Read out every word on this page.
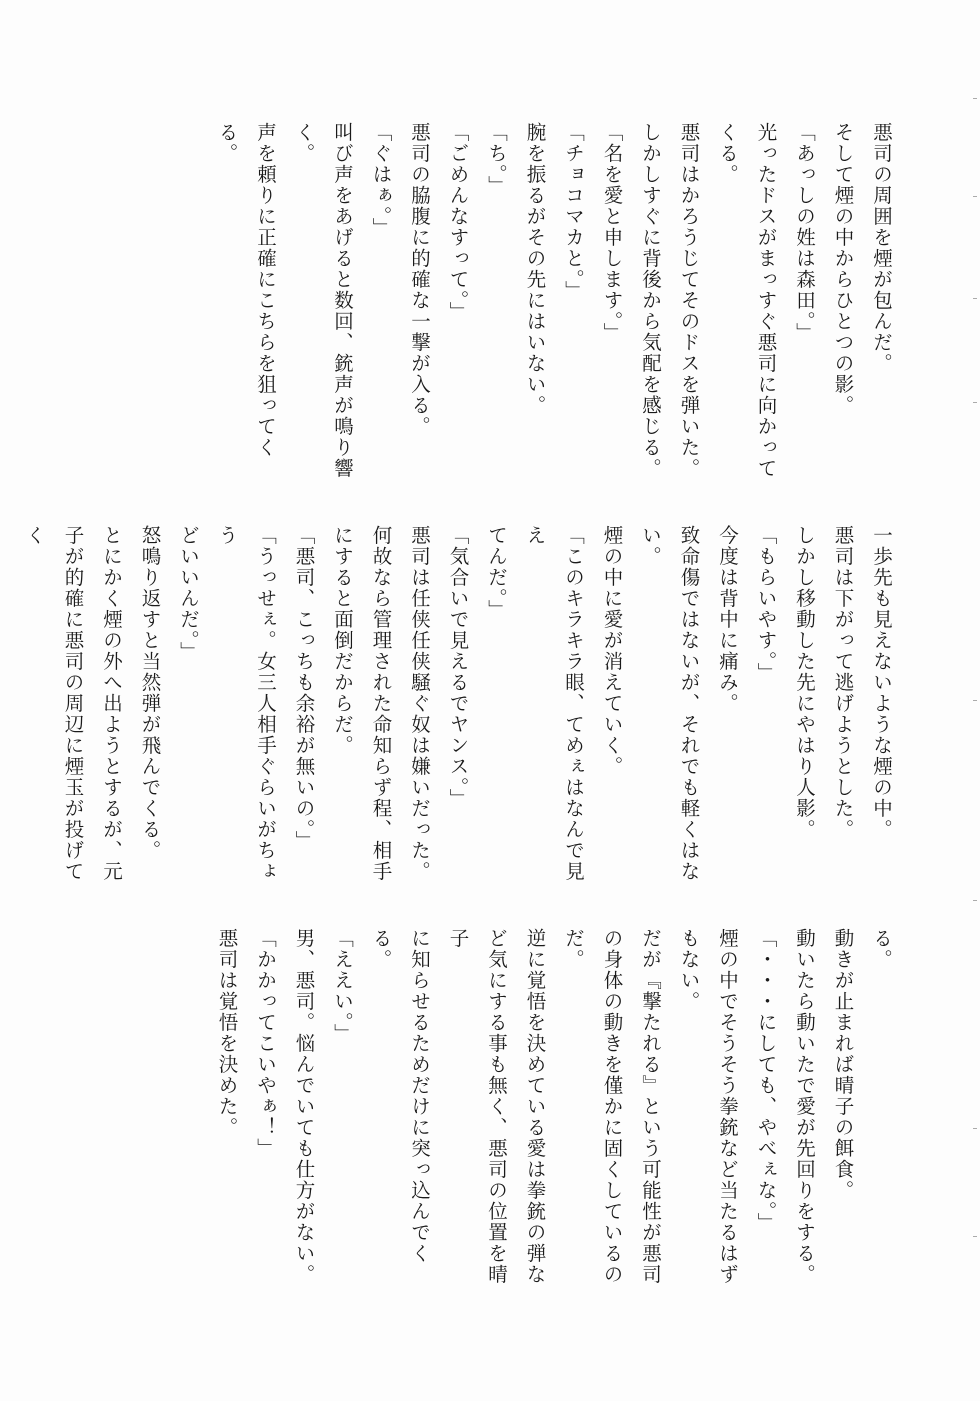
悪司の周囲を煙が包んだ。
そして煙の中からひとつの影。
「あっしの姓は森田。」
光ったドスがまっすぐ悪司に向かって
くる。
悪司はかろうじてそのドスを弾いた。
しかしすぐに背後から気配を感じる。
「名を愛と申します。」
「チョコマカと。」
腕を振るがその先にはいない。
「ち。」
「ごめんなすって。」
悪司の脇腹に的確な一撃が入る。
「ぐはぁ。」
叫び声をあげると数回、銃声が鳴り響
く。
声を頼りに正確にこちらを狙ってく
る。
一歩先も見えないような煙の中。
悪司は下がって逃げようとした。
しかし移動した先にやはり人影。
「もらいやす。」
今度は背中に痛み。
致命傷ではないが、それでも軽くはな
い。
煙の中に愛が消えていく。
「このキラキラ眼、てめぇはなんで見え
てんだ。」
「気合いで見えるでヤンス。」
悪司は任侠任侠騒ぐ奴は嫌いだった。
何故なら管理された命知らず程、相手
にすると面倒だからだ。
「悪司、こっちも余裕が無いの。」
「うっせぇ。女三人相手ぐらいがちょう
どいいんだ。」
怒鳴り返すと当然弾が飛んでくる。
とにかく煙の外へ出ようとするが、元
子が的確に悪司の周辺に煙玉が投げてく
る。
動きが止まれば晴子の餌食。
動いたら動いたで愛が先回りをする。
「・・・にしても、やべぇな。」
煙の中でそうそう拳銃など当たるはず
もない。
だが『撃たれる』という可能性が悪司
の身体の動きを僅かに固くしているの
だ。
逆に覚悟を決めている愛は拳銃の弾な
ど気にする事も無く、悪司の位置を晴子
に知らせるためだけに突っ込んでくる。
「ええい。」
男、悪司。悩んでいても仕方がない。
「かかってこいやぁ！」
悪司は覚悟を決めた。
